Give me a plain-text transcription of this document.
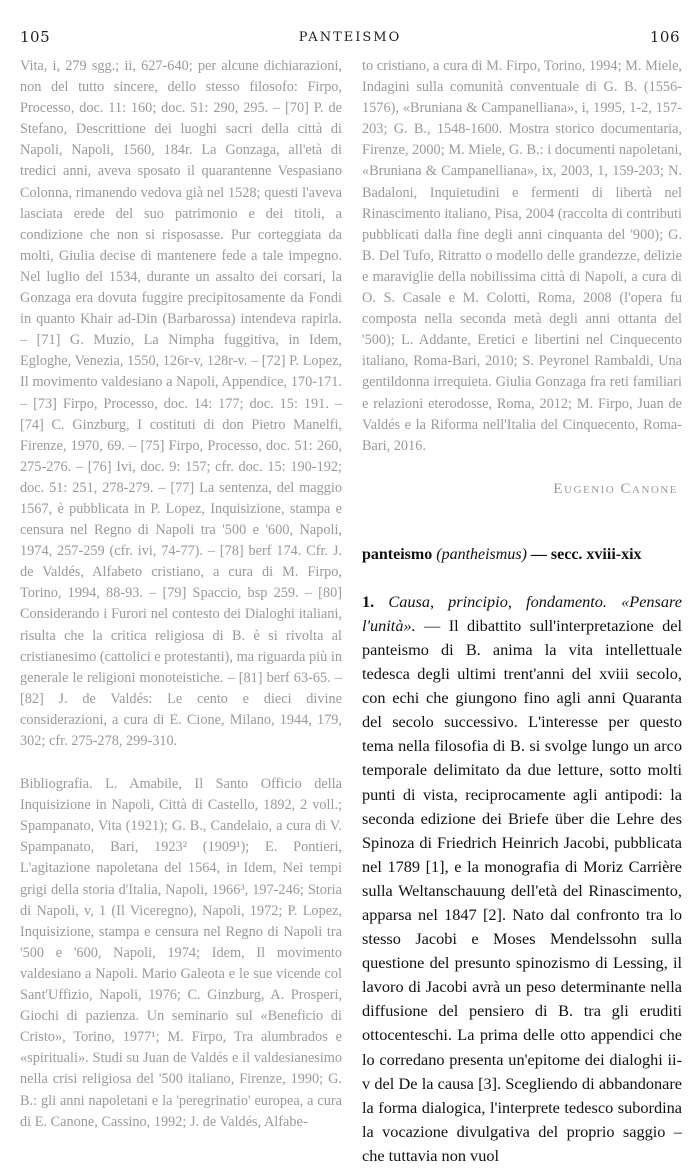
105	PANTEISMO	106
Vita, i, 279 sgg.; ii, 627-640; per alcune dichiarazioni, non del tutto sincere, dello stesso filosofo: Firpo, Processo, doc. 11: 160; doc. 51: 290, 295. – [70] P. de Stefano, Descrittione dei luoghi sacri della città di Napoli, Napoli, 1560, 184r. La Gonzaga, all'età di tredici anni, aveva sposato il quarantenne Vespasiano Colonna, rimanendo vedova già nel 1528; questi l'aveva lasciata erede del suo patrimonio e dei titoli, a condizione che non si risposasse. Pur corteggiata da molti, Giulia decise di mantenere fede a tale impegno. Nel luglio del 1534, durante un assalto dei corsari, la Gonzaga era dovuta fuggire precipitosamente da Fondi in quanto Khair ad-Din (Barbarossa) intendeva rapirla. – [71] G. Muzio, La Nimpha fuggitiva, in Idem, Egloghe, Venezia, 1550, 126r-v, 128r-v. – [72] P. Lopez, Il movimento valdesiano a Napoli, Appendice, 170-171. – [73] Firpo, Processo, doc. 14: 177; doc. 15: 191. – [74] C. Ginzburg, I costituti di don Pietro Manelfi, Firenze, 1970, 69. – [75] Firpo, Processo, doc. 51: 260, 275-276. – [76] Ivi, doc. 9: 157; cfr. doc. 15: 190-192; doc. 51: 251, 278-279. – [77] La sentenza, del maggio 1567, è pubblicata in P. Lopez, Inquisizione, stampa e censura nel Regno di Napoli tra '500 e '600, Napoli, 1974, 257-259 (cfr. ivi, 74-77). – [78] berf 174. Cfr. J. de Valdés, Alfabeto cristiano, a cura di M. Firpo, Torino, 1994, 88-93. – [79] Spaccio, bsp 259. – [80] Considerando i Furori nel contesto dei Dialoghi italiani, risulta che la critica religiosa di B. è si rivolta al cristianesimo (cattolici e protestanti), ma riguarda più in generale le religioni monoteistiche. – [81] berf 63-65. – [82] J. de Valdés: Le cento e dieci divine considerazioni, a cura di E. Cione, Milano, 1944, 179, 302; cfr. 275-278, 299-310.
Bibliografia. L. Amabile, Il Santo Officio della Inquisizione in Napoli, Città di Castello, 1892, 2 voll.; Spampanato, Vita (1921); G. B., Candelaio, a cura di V. Spampanato, Bari, 1923² (1909¹); E. Pontieri, L'agitazione napoletana del 1564, in Idem, Nei tempi grigi della storia d'Italia, Napoli, 1966³, 197-246; Storia di Napoli, v, 1 (Il Viceregno), Napoli, 1972; P. Lopez, Inquisizione, stampa e censura nel Regno di Napoli tra '500 e '600, Napoli, 1974; Idem, Il movimento valdesiano a Napoli. Mario Galeota e le sue vicende col Sant'Uffizio, Napoli, 1976; C. Ginzburg, A. Prosperi, Giochi di pazienza. Un seminario sul «Beneficio di Cristo», Torino, 1977¹; M. Firpo, Tra alumbrados e «spirituali». Studi su Juan de Valdés e il valdesianesimo nella crisi religiosa del '500 italiano, Firenze, 1990; G. B.: gli anni napoletani e la 'peregrinatio' europea, a cura di E. Canone, Cassino, 1992; J. de Valdés, Alfabe-
to cristiano, a cura di M. Firpo, Torino, 1994; M. Miele, Indagini sulla comunità conventuale di G. B. (1556-1576), «Bruniana & Campanelliana», i, 1995, 1-2, 157-203; G. B., 1548-1600. Mostra storico documentaria, Firenze, 2000; M. Miele, G. B.: i documenti napoletani, «Bruniana & Campanelliana», ix, 2003, 1, 159-203; N. Badaloni, Inquietudini e fermenti di libertà nel Rinascimento italiano, Pisa, 2004 (raccolta di contributi pubblicati dalla fine degli anni cinquanta del '900); G. B. Del Tufo, Ritratto o modello delle grandezze, delizie e maraviglie della nobilissima città di Napoli, a cura di O. S. Casale e M. Colotti, Roma, 2008 (l'opera fu composta nella seconda metà degli anni ottanta del '500); L. Addante, Eretici e libertini nel Cinquecento italiano, Roma-Bari, 2010; S. Peyronel Rambaldi, Una gentildonna irrequieta. Giulia Gonzaga fra reti familiari e relazioni eterodosse, Roma, 2012; M. Firpo, Juan de Valdés e la Riforma nell'Italia del Cinquecento, Roma-Bari, 2016.
Eugenio Canone
panteismo (pantheismus) — secc. xviii-xix
1. Causa, principio, fondamento. «Pensare l'unità». — Il dibattito sull'interpretazione del panteismo di B. anima la vita intellettuale tedesca degli ultimi trent'anni del xviii secolo, con echi che giungono fino agli anni Quaranta del secolo successivo. L'interesse per questo tema nella filosofia di B. si svolge lungo un arco temporale delimitato da due letture, sotto molti punti di vista, reciprocamente agli antipodi: la seconda edizione dei Briefe über die Lehre des Spinoza di Friedrich Heinrich Jacobi, pubblicata nel 1789 [1], e la monografia di Moriz Carrière sulla Weltanschauung dell'età del Rinascimento, apparsa nel 1847 [2]. Nato dal confronto tra lo stesso Jacobi e Moses Mendelssohn sulla questione del presunto spinozismo di Lessing, il lavoro di Jacobi avrà un peso determinante nella diffusione del pensiero di B. tra gli eruditi ottocenteschi. La prima delle otto appendici che lo corredano presenta un'epitome dei dialoghi ii-v del De la causa [3]. Scegliendo di abbandonare la forma dialogica, l'interprete tedesco subordina la vocazione divulgativa del proprio saggio – che tuttavia non vuol
